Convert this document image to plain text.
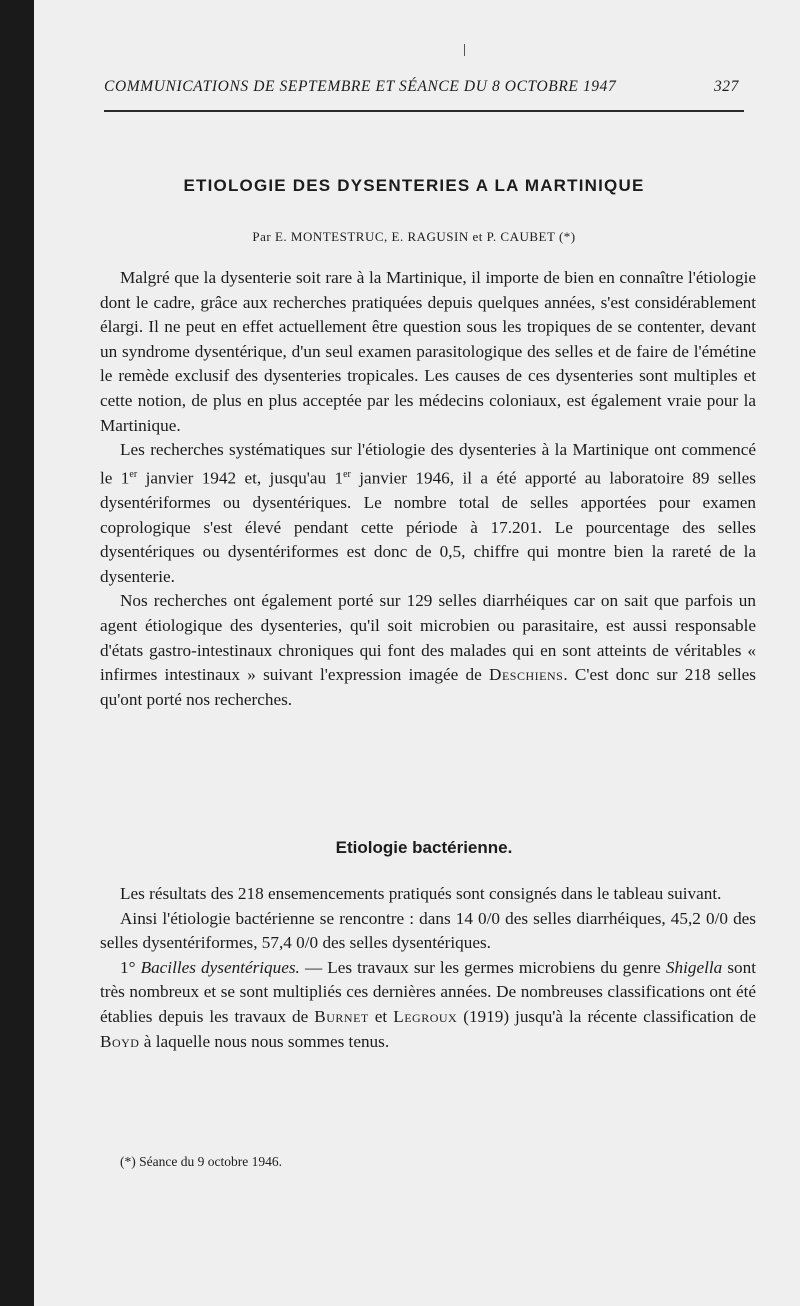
COMMUNICATIONS DE SEPTEMBRE ET SÉANCE DU 8 OCTOBRE 1947	327
ETIOLOGIE DES DYSENTERIES A LA MARTINIQUE
Par E. MONTESTRUC, E. RAGUSIN et P. CAUBET (*)

Malgré que la dysenterie soit rare à la Martinique, il importe de bien en connaître l'étiologie dont le cadre, grâce aux recherches pratiquées depuis quelques années, s'est considérablement élargi. Il ne peut en effet actuellement être question sous les tropiques de se contenter, devant un syndrome dysentérique, d'un seul examen parasitologique des selles et de faire de l'émétine le remède exclusif des dysenteries tropicales. Les causes de ces dysenteries sont multiples et cette notion, de plus en plus acceptée par les médecins coloniaux, est également vraie pour la Martinique.

Les recherches systématiques sur l'étiologie des dysenteries à la Martinique ont commencé le 1er janvier 1942 et, jusqu'au 1er janvier 1946, il a été apporté au laboratoire 89 selles dysentériformes ou dysentériques. Le nombre total de selles apportées pour examen coprologique s'est élevé pendant cette période à 17.201. Le pourcentage des selles dysentériques ou dysentériformes est donc de 0,5, chiffre qui montre bien la rareté de la dysenterie.

Nos recherches ont également porté sur 129 selles diarrhéiques car on sait que parfois un agent étiologique des dysenteries, qu'il soit microbien ou parasitaire, est aussi responsable d'états gastro-intestinaux chroniques qui font des malades qui en sont atteints de véritables « infirmes intestinaux » suivant l'expression imagée de Deschiens. C'est donc sur 218 selles qu'ont porté nos recherches.

Etiologie bactérienne.

Les résultats des 218 ensemencements pratiqués sont consignés dans le tableau suivant.

Ainsi l'étiologie bactérienne se rencontre : dans 14 0/0 des selles diarrhéiques, 45,2 0/0 des selles dysentériformes, 57,4 0/0 des selles dysentériques.

1° Bacilles dysentériques. — Les travaux sur les germes microbiens du genre Shigella sont très nombreux et se sont multipliés ces dernières années. De nombreuses classifications ont été établies depuis les travaux de Burnet et Legroux (1919) jusqu'à la récente classification de Boyd à laquelle nous nous sommes tenus.

(*) Séance du 9 octobre 1946.
